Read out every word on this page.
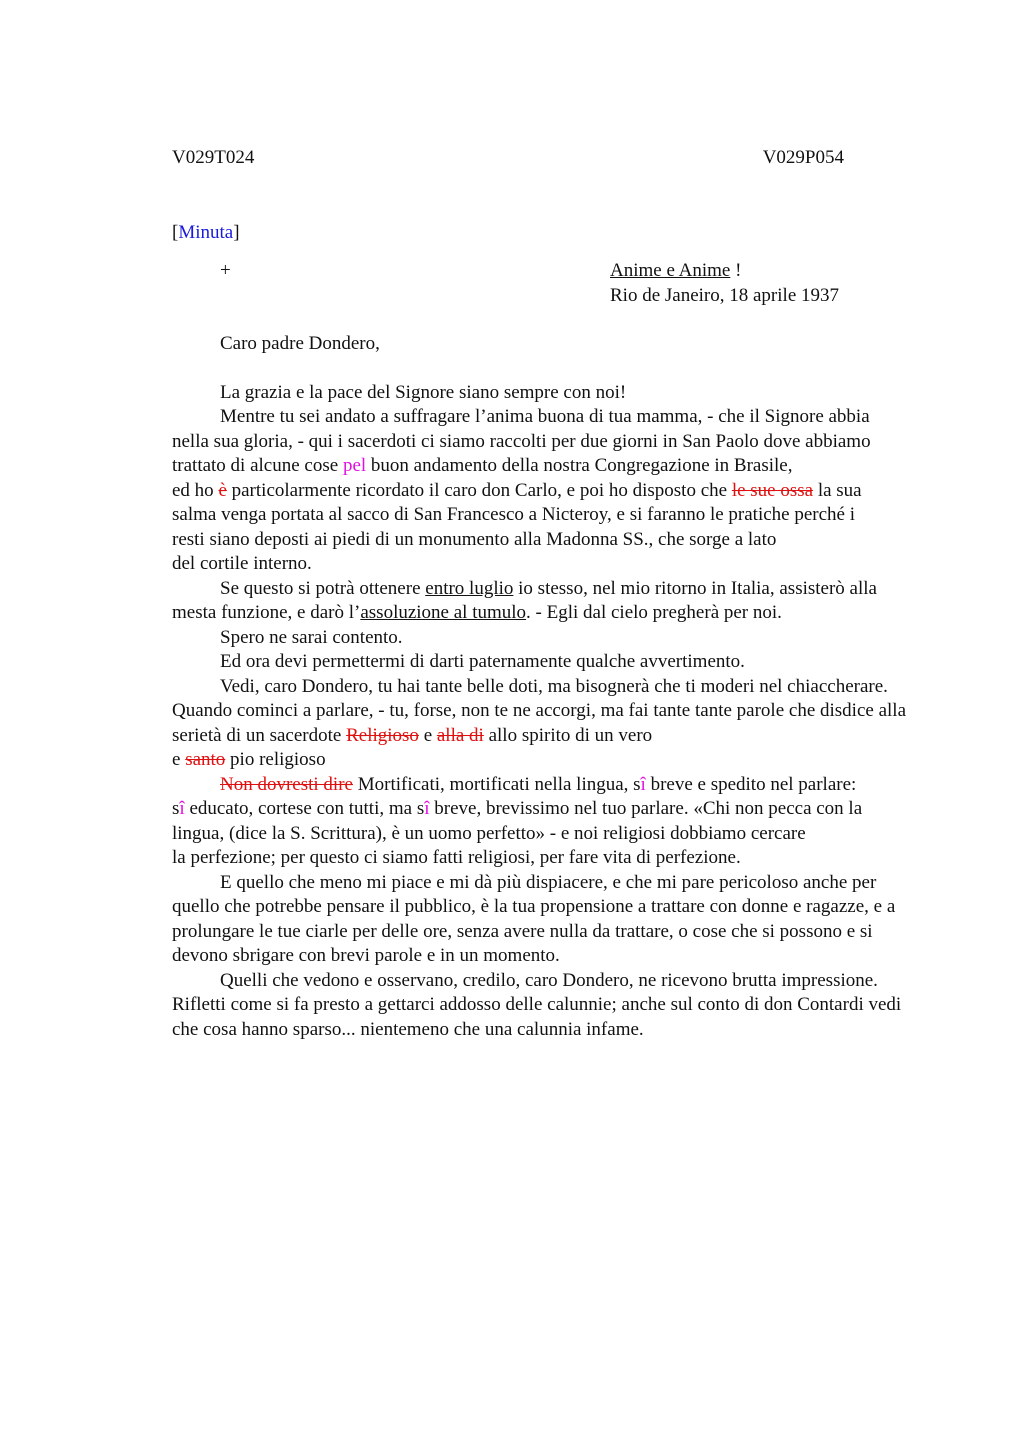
V029T024	V029P054
[Minuta]
+	Anime e Anime !
Rio de Janeiro, 18 aprile 1937
Caro padre Dondero,

La grazia e la pace del Signore siano sempre con noi!

Mentre tu sei andato a suffragare l’anima buona di tua mamma, - che il Signore abbia nella sua gloria, - qui i sacerdoti ci siamo raccolti per due giorni in San Paolo dove abbiamo trattato di alcune cose pel buon andamento della nostra Congregazione in Brasile,

ed ho è particolarmente ricordato il caro don Carlo, e poi ho disposto che le sue ossa la sua salma venga portata al sacco di San Francesco a Nicteroy, e si faranno le pratiche perché i

resti siano deposti ai piedi di un monumento alla Madonna SS., che sorge a lato

del cortile interno.

Se questo si potrà ottenere entro luglio io stesso, nel mio ritorno in Italia, assisterò alla mesta funzione, e darò l’assoluzione al tumulo. - Egli dal cielo pregherà per noi.

Spero ne sarai contento.

Ed ora devi permettermi di darti paternamente qualche avvertimento.

Vedi, caro Dondero, tu hai tante belle doti, ma bisognerà che ti moderi nel chiaccherare. Quando cominci a parlare, - tu, forse, non te ne accorgi, ma fai tante tante parole che disdice alla serietà di un sacerdote Religioso e alla di allo spirito di un vero

e santo pio religioso

Non dovresti dire Mortificati, mortificati nella lingua, sî breve e spedito nel parlare:

sî educato, cortese con tutti, ma sî breve, brevissimo nel tuo parlare. «Chi non pecca con la lingua, (dice la S. Scrittura), è un uomo perfetto» - e noi religiosi dobbiamo cercare

la perfezione; per questo ci siamo fatti religiosi, per fare vita di perfezione.

E quello che meno mi piace e mi dà più dispiacere, e che mi pare pericoloso anche per quello che potrebbe pensare il pubblico, è la tua propensione a trattare con donne e ragazze, e a prolungare le tue ciarle per delle ore, senza avere nulla da trattare, o cose che si possono e si devono sbrigare con brevi parole e in un momento.

Quelli che vedono e osservano, credilo, caro Dondero, ne ricevono brutta impressione. Rifletti come si fa presto a gettarci addosso delle calunnie; anche sul conto di don Contardi vedi che cosa hanno sparso... nientemeno che una calunnia infame.
